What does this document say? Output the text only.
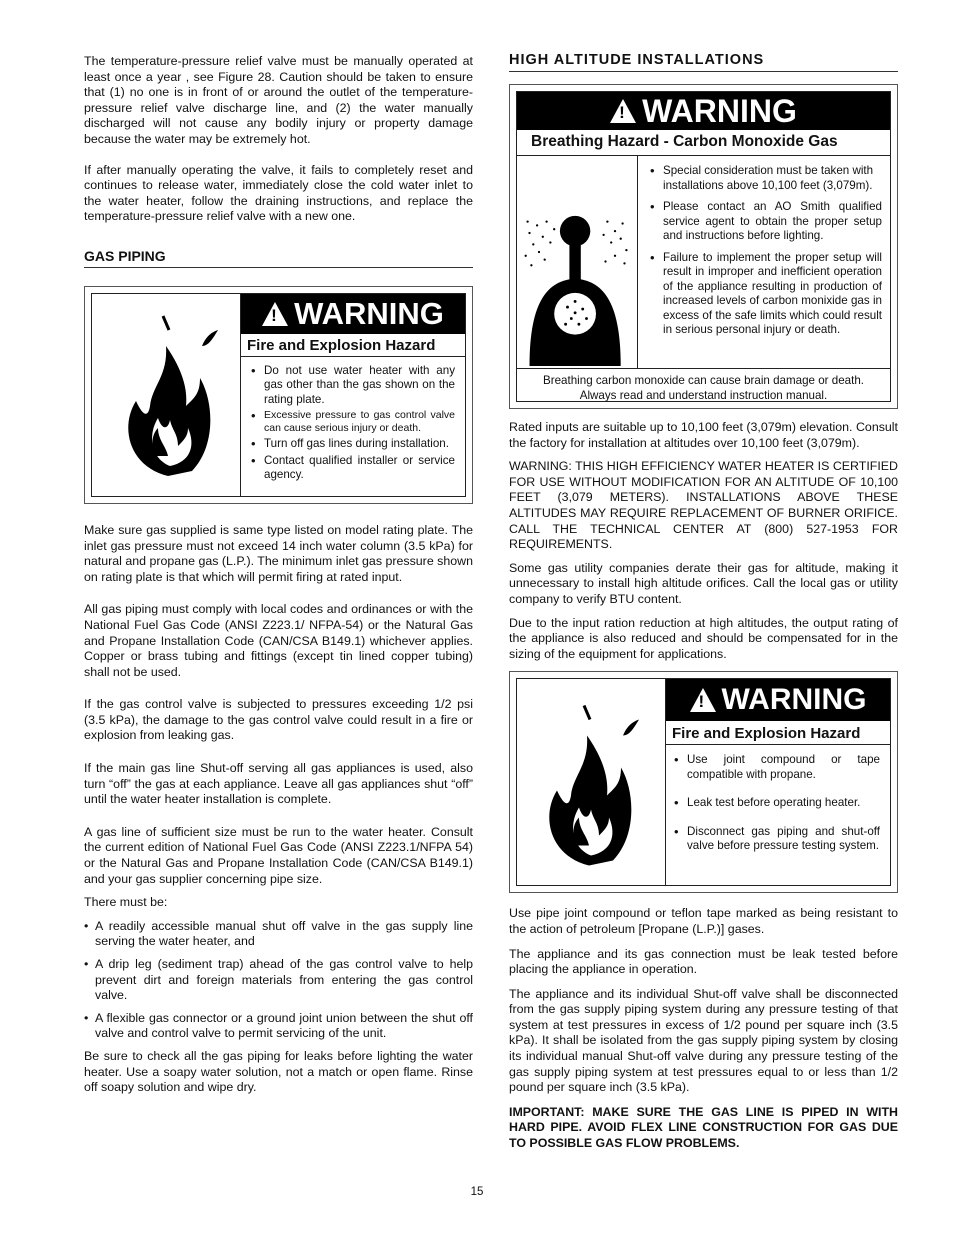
The temperature-pressure relief valve must be manually operated at least once a year , see Figure 28. Caution should be taken to ensure that (1) no one is in front of or around the outlet of the temperature-pressure relief valve discharge line, and (2) the water manually discharged will not cause any bodily injury or property damage because the water may be extremely hot.

If after manually operating the valve, it fails to completely reset and continues to release water, immediately close the cold water inlet to the water heater, follow the draining instructions, and replace the temperature-pressure relief valve with a new one.

GAS PIPING
! WARNING
Fire and Explosion Hazard
• Do not use water heater with any gas other than the gas shown on the rating plate.
• Excessive pressure to gas control valve can cause serious injury or death.
• Turn off gas lines during installation.
• Contact qualified installer or service agency.

Make sure gas supplied is same type listed on model rating plate. The inlet gas pressure must not exceed 14 inch water column (3.5 kPa) for natural and propane gas (L.P.). The minimum inlet gas pressure shown on rating plate is that which will permit firing at rated input.

All gas piping must comply with local codes and ordinances or with the National Fuel Gas Code (ANSI Z223.1/ NFPA-54) or the Natural Gas and Propane Installation Code (CAN/CSA B149.1) whichever applies. Copper or brass tubing and fittings (except tin lined copper tubing) shall not be used.

If the gas control valve is subjected to pressures exceeding 1/2 psi (3.5 kPa), the damage to the gas control valve could result in a fire or explosion from leaking gas.

If the main gas line Shut-off serving all gas appliances is used, also turn “off” the gas at each appliance. Leave all gas appliances shut “off” until the water heater installation is complete.

A gas line of sufficient size must be run to the water heater. Consult the current edition of National Fuel Gas Code (ANSI Z223.1/NFPA 54) or the Natural Gas and Propane Installation Code (CAN/CSA B149.1) and your gas supplier concerning pipe size.

There must be:

• A readily accessible manual shut off valve in the gas supply line serving the water heater, and
• A drip leg (sediment trap) ahead of the gas control valve to help prevent dirt and foreign materials from entering the gas control valve.
• A flexible gas connector or a ground joint union between the shut off valve and control valve to permit servicing of the unit.

Be sure to check all the gas piping for leaks before lighting the water heater. Use a soapy water solution, not a match or open flame. Rinse off soapy solution and wipe dry.

HIGH ALTITUDE INSTALLATIONS
! WARNING
Breathing Hazard - Carbon Monoxide Gas
• Special consideration must be taken with installations above 10,100 feet (3,079m).
• Please contact an AO Smith qualified service agent to obtain the proper setup and instructions before lighting.
• Failure to implement the proper setup will result in improper and inefficient operation of the appliance resulting in production of increased levels of carbon monixide gas in excess of the safe limits which could result in serious personal injury or death.
Breathing carbon monoxide can cause brain damage or death.
Always read and understand instruction manual.

Rated inputs are suitable up to 10,100 feet (3,079m) elevation. Consult the factory for installation at altitudes over 10,100 feet (3,079m).

WARNING: THIS HIGH EFFICIENCY WATER HEATER IS CERTIFIED FOR USE WITHOUT MODIFICATION FOR AN ALTITUDE OF 10,100 FEET (3,079 METERS). INSTALLATIONS ABOVE THESE ALTITUDES MAY REQUIRE REPLACEMENT OF BURNER ORIFICE. CALL THE TECHNICAL CENTER AT (800) 527-1953 FOR REQUIREMENTS.

Some gas utility companies derate their gas for altitude, making it unnecessary to install high altitude orifices. Call the local gas or utility company to verify BTU content.

Due to the input ration reduction at high altitudes, the output rating of the appliance is also reduced and should be compensated for in the sizing of the equipment for applications.

! WARNING
Fire and Explosion Hazard
• Use joint compound or tape compatible with propane.
• Leak test before operating heater.
• Disconnect gas piping and shut-off valve before pressure testing system.

Use pipe joint compound or teflon tape marked as being resistant to the action of petroleum [Propane (L.P.)] gases.

The appliance and its gas connection must be leak tested before placing the appliance in operation.

The appliance and its individual Shut-off valve shall be disconnected from the gas supply piping system during any pressure testing of that system at test pressures in excess of 1/2 pound per square inch (3.5 kPa). It shall be isolated from the gas supply piping system by closing its individual manual Shut-off valve during any pressure testing of the gas supply piping system at test pressures equal to or less than 1/2 pound per square inch (3.5 kPa).

IMPORTANT: MAKE SURE THE GAS LINE IS PIPED IN WITH HARD PIPE. AVOID FLEX LINE CONSTRUCTION FOR GAS DUE TO POSSIBLE GAS FLOW PROBLEMS.

15
